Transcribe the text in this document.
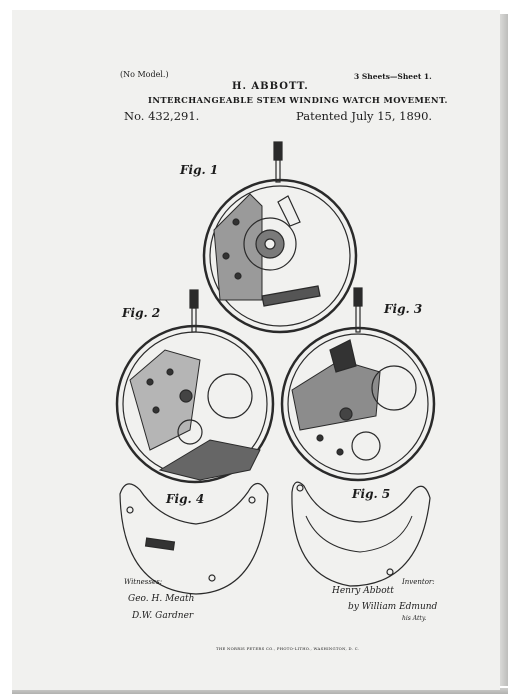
(No Model.)	3 Sheets—Sheet 1.
H. ABBOTT.
INTERCHANGEABLE STEM WINDING WATCH MOVEMENT.
No. 432,291.	Patented July 15, 1890.
Fig. 1
Fig. 2	Fig. 3
Fig. 4	Fig. 5
Witnesses:	Inventor:
Geo. H. Meath
D.W. Gardner
Henry Abbott
by William Edmund
his Atty.
THE NORRIS PETERS CO., PHOTO-LITHO., WASHINGTON, D. C.
